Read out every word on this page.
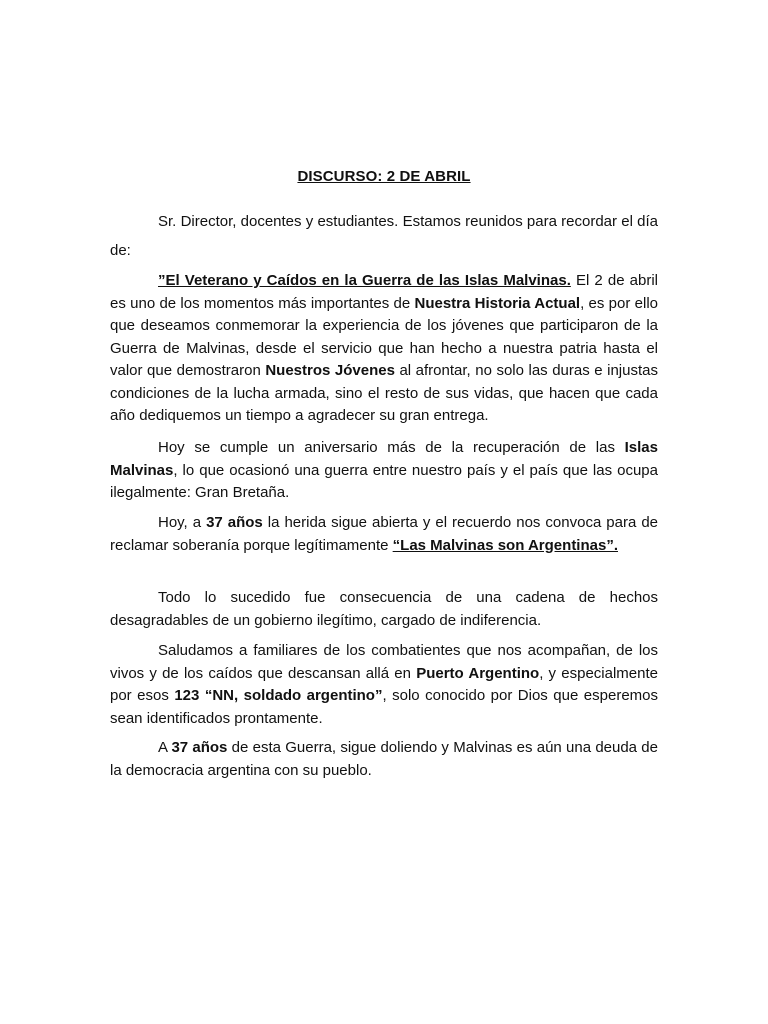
DISCURSO: 2 DE ABRIL

Sr. Director, docentes y estudiantes. Estamos reunidos para recordar el día de:

”El Veterano y Caídos en la Guerra de las Islas Malvinas. El 2 de abril es uno de los momentos más importantes de Nuestra Historia Actual, es por ello que deseamos conmemorar la experiencia de los jóvenes que participaron de la Guerra de Malvinas, desde el servicio que han hecho a nuestra patria hasta el valor que demostraron Nuestros Jóvenes al afrontar, no solo las duras e injustas condiciones de la lucha armada, sino el resto de sus vidas, que hacen que cada año dediquemos un tiempo a agradecer su gran entrega.

Hoy se cumple un aniversario más de la recuperación de las Islas Malvinas, lo que ocasionó una guerra entre nuestro país y el país que las ocupa ilegalmente: Gran Bretaña.

Hoy, a 37 años la herida sigue abierta y el recuerdo nos convoca para de reclamar soberanía porque legítimamente “Las Malvinas son Argentinas”.

Todo lo sucedido fue consecuencia de una cadena de hechos desagradables de un gobierno ilegítimo, cargado de indiferencia.

Saludamos a familiares de los combatientes que nos acompañan, de los vivos y de los caídos que descansan allá en Puerto Argentino, y especialmente por esos 123 “NN, soldado argentino”, solo conocido por Dios que esperemos sean identificados prontamente.

A 37 años de esta Guerra, sigue doliendo y Malvinas es aún una deuda de la democracia argentina con su pueblo.
